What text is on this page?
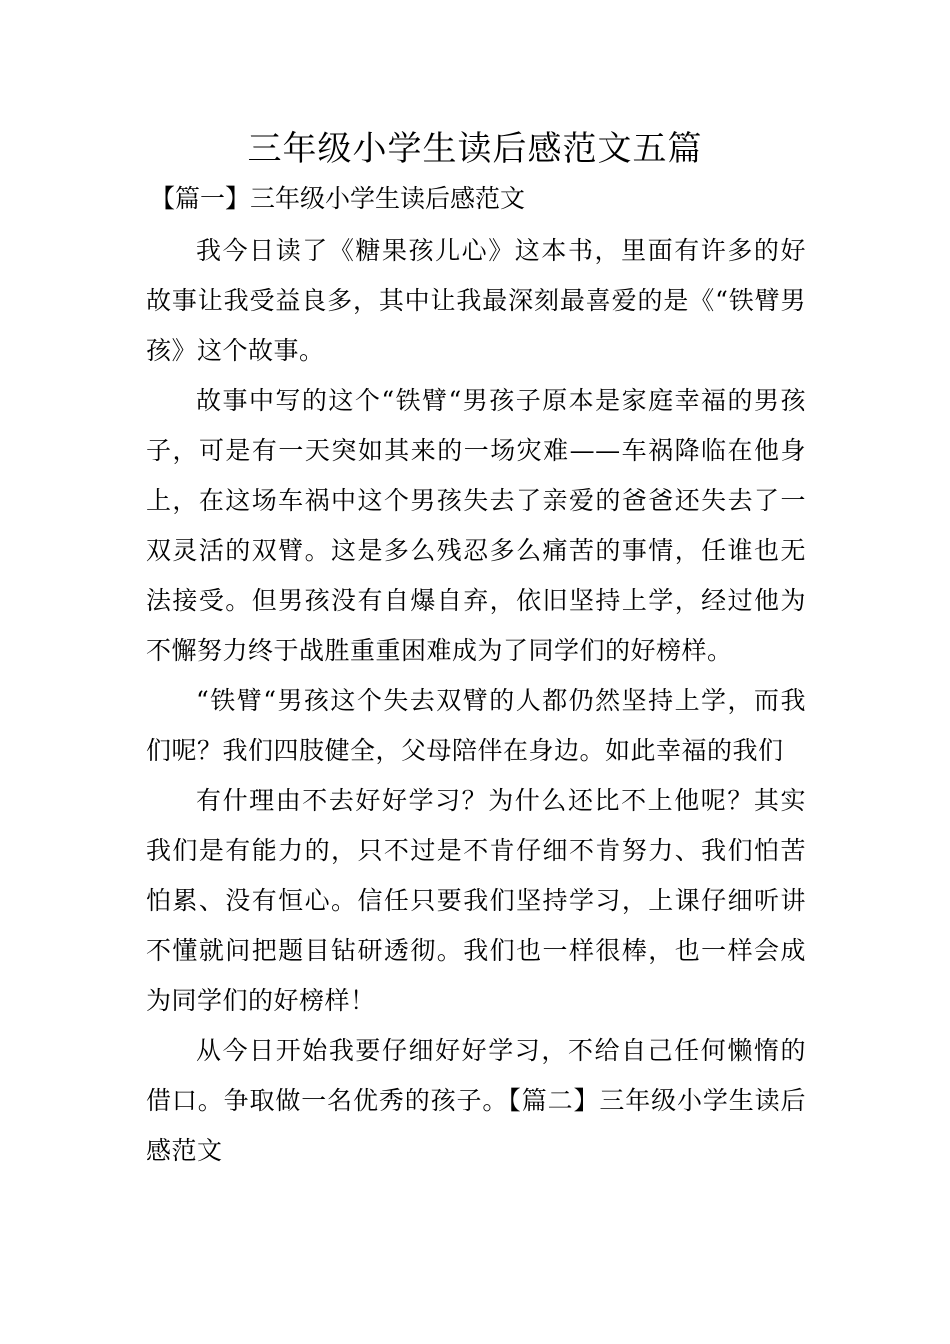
三年级小学生读后感范文五篇
【篇一】三年级小学生读后感范文

我今日读了《糖果孩儿心》这本书，里面有许多的好故事让我受益良多，其中让我最深刻最喜爱的是《“铁臂男孩》这个故事。

故事中写的这个“铁臂“男孩子原本是家庭幸福的男孩子，可是有一天突如其来的一场灾难——车祸降临在他身上，在这场车祸中这个男孩失去了亲爱的爸爸还失去了一双灵活的双臂。这是多么残忍多么痛苦的事情，任谁也无法接受。但男孩没有自爆自弃，依旧坚持上学，经过他为不懈努力终于战胜重重困难成为了同学们的好榜样。

“铁臂“男孩这个失去双臂的人都仍然坚持上学，而我们呢？我们四肢健全，父母陪伴在身边。如此幸福的我们

有什理由不去好好学习？为什么还比不上他呢？其实我们是有能力的，只不过是不肯仔细不肯努力、我们怕苦怕累、没有恒心。信任只要我们坚持学习，上课仔细听讲不懂就问把题目钻研透彻。我们也一样很棒，也一样会成为同学们的好榜样！

从今日开始我要仔细好好学习，不给自己任何懒惰的借口。争取做一名优秀的孩子。【篇二】三年级小学生读后感范文
